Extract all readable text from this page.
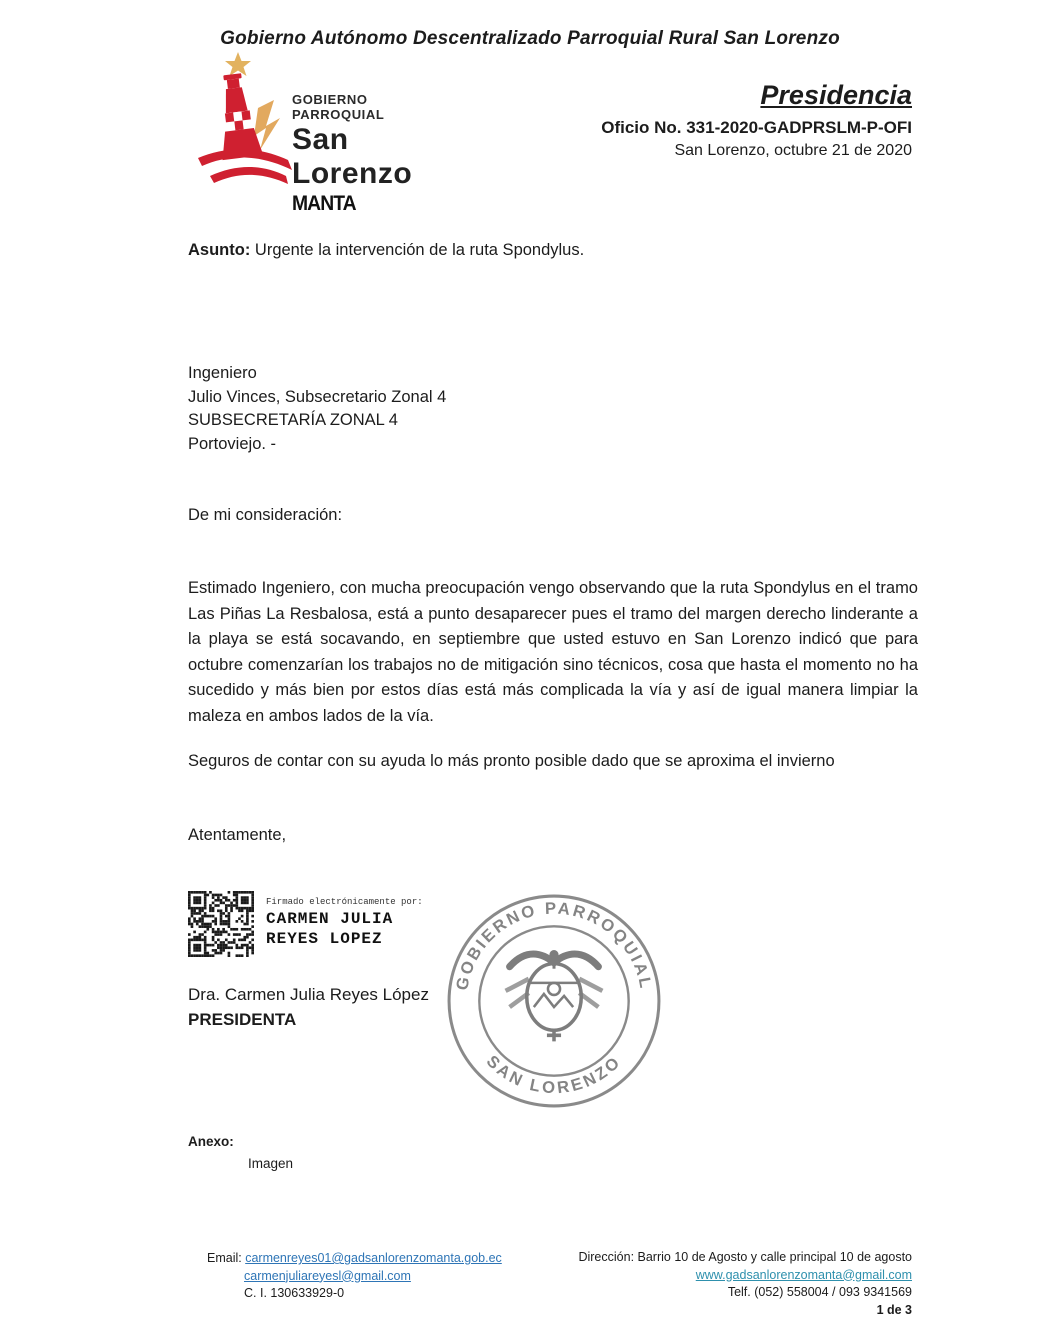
Gobierno Autónomo Descentralizado Parroquial Rural San Lorenzo
GOBIERNO PARROQUIAL
San Lorenzo
MANTA
Presidencia
Oficio No. 331-2020-GADPRSLM-P-OFI
San Lorenzo, octubre 21 de 2020
Asunto: Urgente la intervención de la ruta Spondylus.
Ingeniero
Julio Vinces, Subsecretario Zonal 4
SUBSECRETARÍA ZONAL 4
Portoviejo. -
De mi consideración:
Estimado Ingeniero, con mucha preocupación vengo observando que la ruta Spondylus en el tramo Las Piñas La Resbalosa, está a punto desaparecer pues el tramo del margen derecho linderante a la playa se está socavando, en septiembre que usted estuvo en San Lorenzo indicó que para octubre comenzarían los trabajos no de mitigación sino técnicos, cosa que hasta el momento no ha sucedido y más bien por estos días está más complicada la vía y así de igual manera limpiar la maleza en ambos lados de la vía.
Seguros de contar con su ayuda lo más pronto posible dado que se aproxima el invierno
Atentamente,
Firmado electrónicamente por:
CARMEN JULIA
REYES LOPEZ
Dra. Carmen Julia Reyes López
PRESIDENTA
GOBIERNO PARROQUIAL
SAN LORENZO
Anexo:
Imagen
Email: carmenreyes01@gadsanlorenzomanta.gob.ec
carmenjuliareyesl@gmail.com
C. I. 130633929-0
Dirección: Barrio 10 de Agosto y calle principal 10 de agosto
www.gadsanlorenzomanta@gmail.com
Telf. (052) 558004 / 093 9341569
1 de 3
